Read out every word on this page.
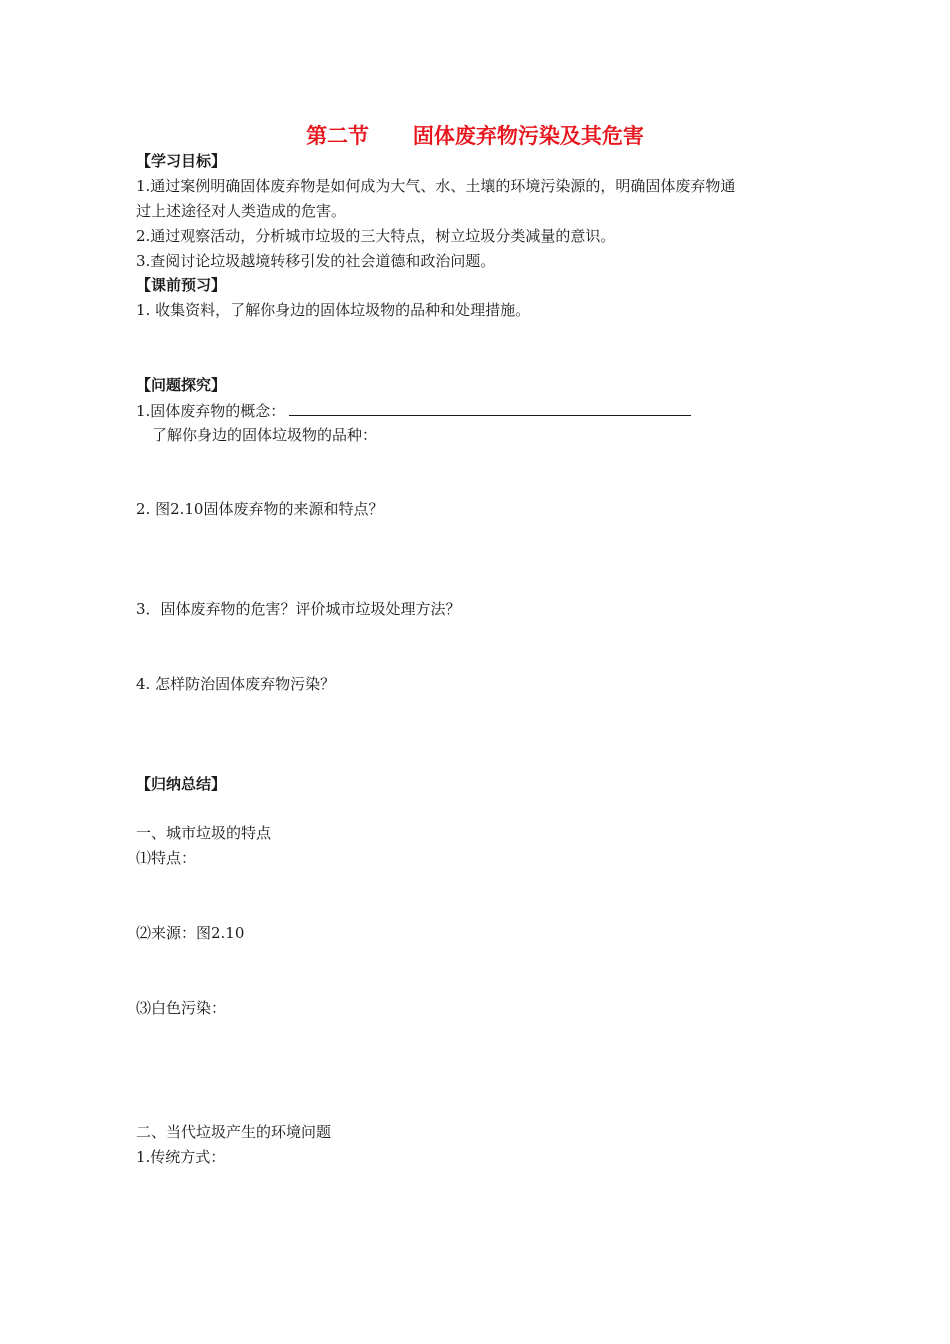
第二节      固体废弃物污染及其危害
【学习目标】
1.通过案例明确固体废弃物是如何成为大气、水、土壤的环境污染源的，明确固体废弃物通
过上述途径对人类造成的危害。
2.通过观察活动，分析城市垃圾的三大特点，树立垃圾分类减量的意识。
3.查阅讨论垃圾越境转移引发的社会道德和政治问题。
【课前预习】
1. 收集资料，了解你身边的固体垃圾物的品种和处理措施。
【问题探究】
1.固体废弃物的概念：
了解你身边的固体垃圾物的品种：
2. 图2.10固体废弃物的来源和特点？
3．固体废弃物的危害？评价城市垃圾处理方法？
4. 怎样防治固体废弃物污染？
【归纳总结】
一、城市垃圾的特点
⑴特点：
⑵来源：图2.10
⑶白色污染：
二、当代垃圾产生的环境问题
1.传统方式：
